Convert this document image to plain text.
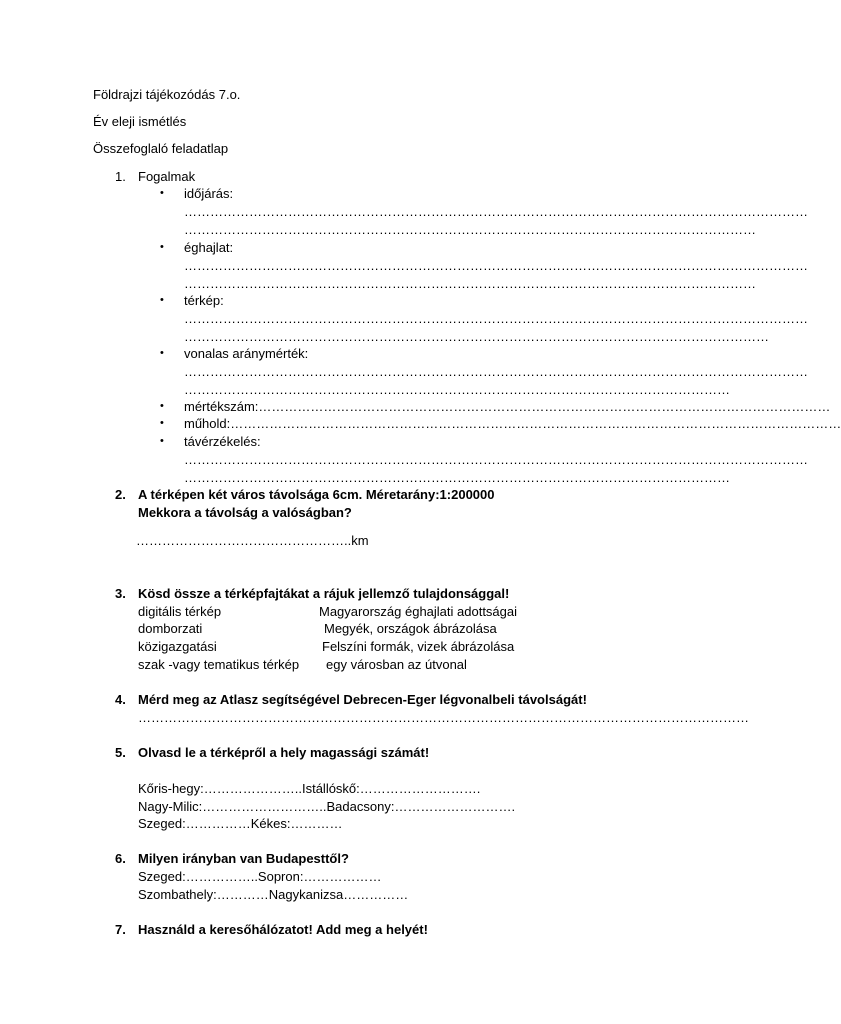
Földrajzi tájékozódás 7.o.
Év eleji ismétlés
Összefoglaló feladatlap
1. Fogalmak
• időjárás:
………………………………………………………………………………………………………………………………
……………………………………………………………………………………………………………………
• éghajlat:
………………………………………………………………………………………………………………………………
……………………………………………………………………………………………………………………
• térkép:
………………………………………………………………………………………………………………………………
………………………………………………………………………………………………………………………
• vonalas aránymérték:
………………………………………………………………………………………………………………………………
………………………………………………………………………………………………………………
• mértékszám:……………………………………………………………………………………………………………………
• műhold:……………………………………………………………………………………………………………………………
• távérzékelés:
………………………………………………………………………………………………………………………………
………………………………………………………………………………………………………………
2. A térképen két város távolsága 6cm. Méretarány:1:200000
Mekkora a távolság a valóságban?
…………………………………………..km
3. Kösd össze a térképfajtákat a rájuk jellemző tulajdonsággal!
digitális térkép
domborzati
közigazgatási
szak -vagy tematikus térkép
Magyarország éghajlati adottságai
Megyék, országok ábrázolása
Felszíni formák, vizek ábrázolása
egy városban az útvonal
4. Mérd meg az Atlasz segítségével Debrecen-Eger légvonalbeli távolságát!
……………………………………………………………………………………………………………………………
5. Olvasd le a térképről a hely magassági számát!
Kőris-hegy:…………………..Istállóskő:……………………….
Nagy-Milic:………………………..Badacsony:……………………….
Szeged:……………Kékes:…………
6. Milyen irányban van Budapesttől?
Szeged:……………..Sopron:………………
Szombathely:…………Nagykanizsa……………
7. Használd a keresőhálózatot! Add meg a helyét!
